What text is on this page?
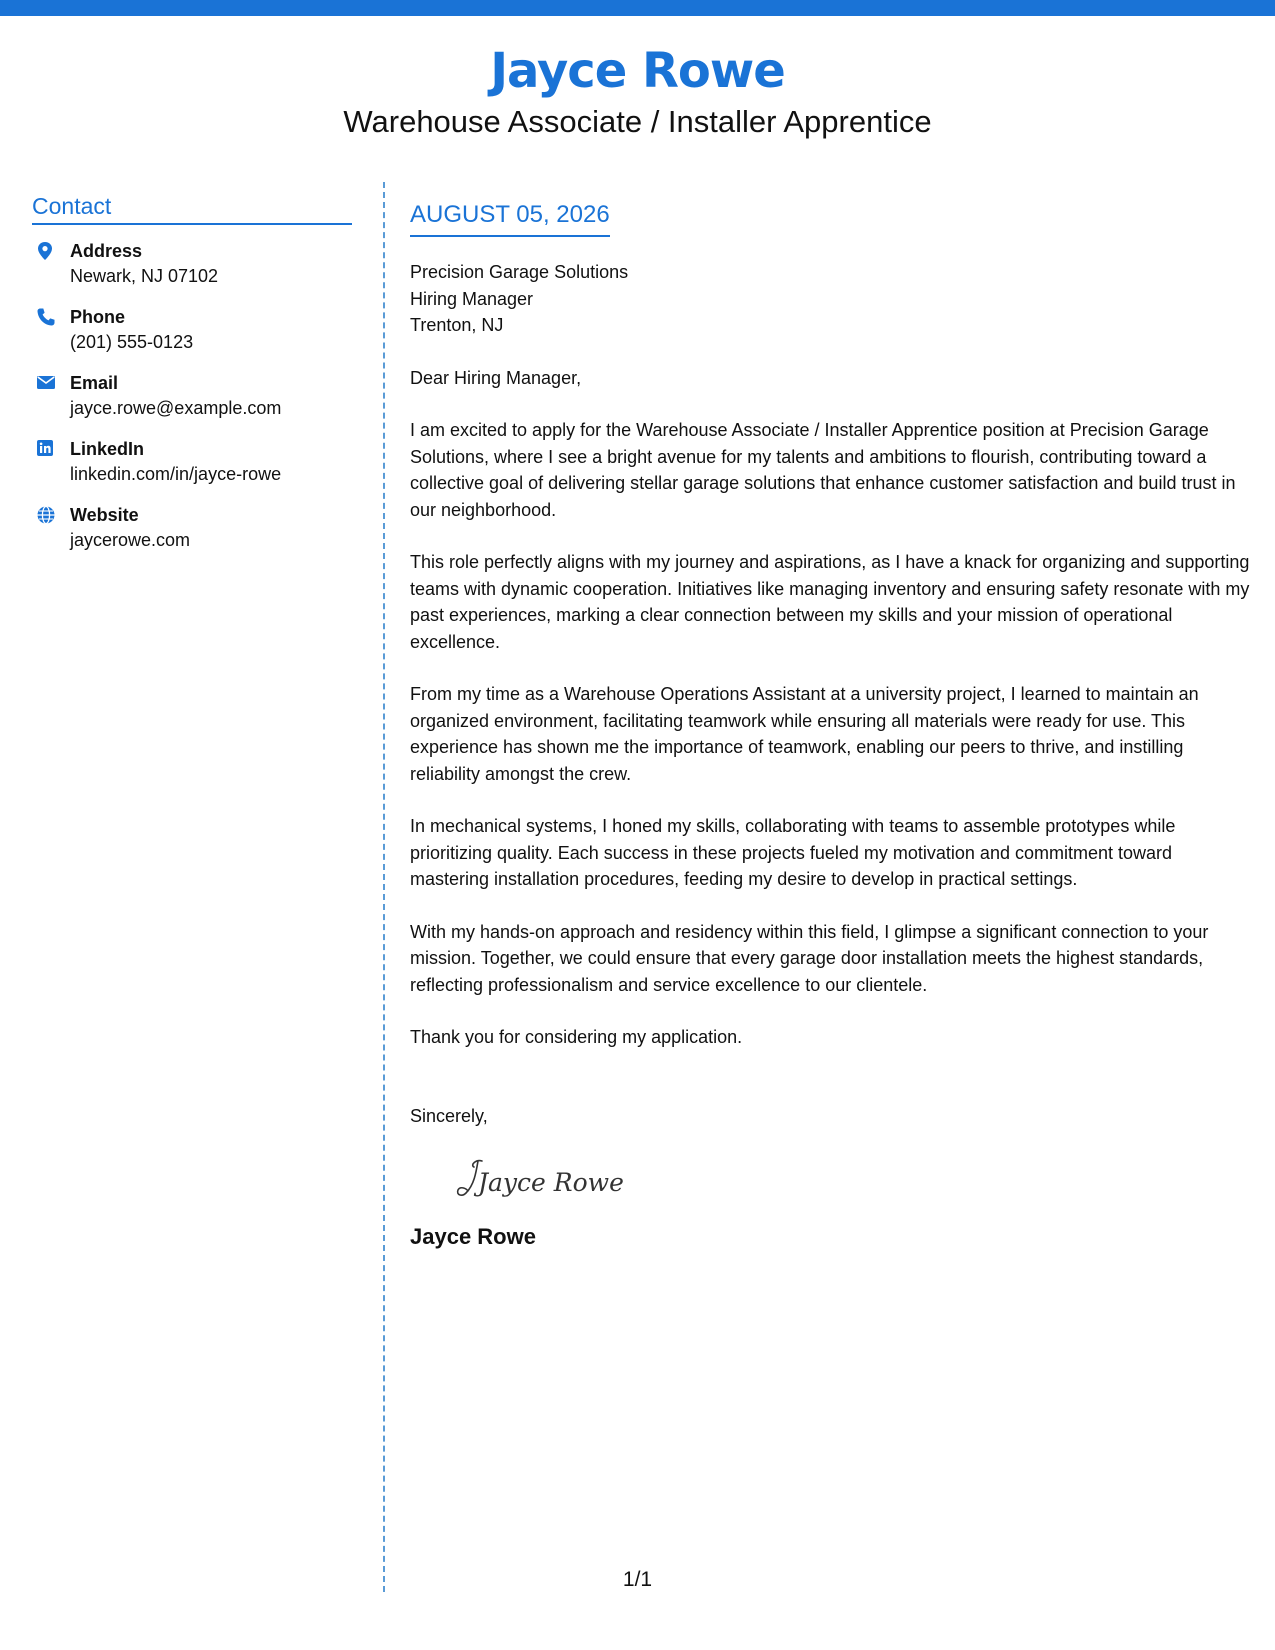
Jayce Rowe
Warehouse Associate / Installer Apprentice
Contact
Address
Newark, NJ 07102
Phone
(201) 555-0123
Email
jayce.rowe@example.com
LinkedIn
linkedin.com/in/jayce-rowe
Website
jaycerowe.com
AUGUST 05, 2026
Precision Garage Solutions
Hiring Manager
Trenton, NJ

Dear Hiring Manager,

I am excited to apply for the Warehouse Associate / Installer Apprentice position at Precision Garage Solutions, where I see a bright avenue for my talents and ambitions to flourish, contributing toward a collective goal of delivering stellar garage solutions that enhance customer satisfaction and build trust in our neighborhood.

This role perfectly aligns with my journey and aspirations, as I have a knack for organizing and supporting teams with dynamic cooperation. Initiatives like managing inventory and ensuring safety resonate with my past experiences, marking a clear connection between my skills and your mission of operational excellence.

From my time as a Warehouse Operations Assistant at a university project, I learned to maintain an organized environment, facilitating teamwork while ensuring all materials were ready for use. This experience has shown me the importance of teamwork, enabling our peers to thrive, and instilling reliability amongst the crew.

In mechanical systems, I honed my skills, collaborating with teams to assemble prototypes while prioritizing quality. Each success in these projects fueled my motivation and commitment toward mastering installation procedures, feeding my desire to develop in practical settings.

With my hands-on approach and residency within this field, I glimpse a significant connection to your mission. Together, we could ensure that every garage door installation meets the highest standards, reflecting professionalism and service excellence to our clientele.

Thank you for considering my application.

Sincerely,
Jayce Rowe
Jayce Rowe
1/1
